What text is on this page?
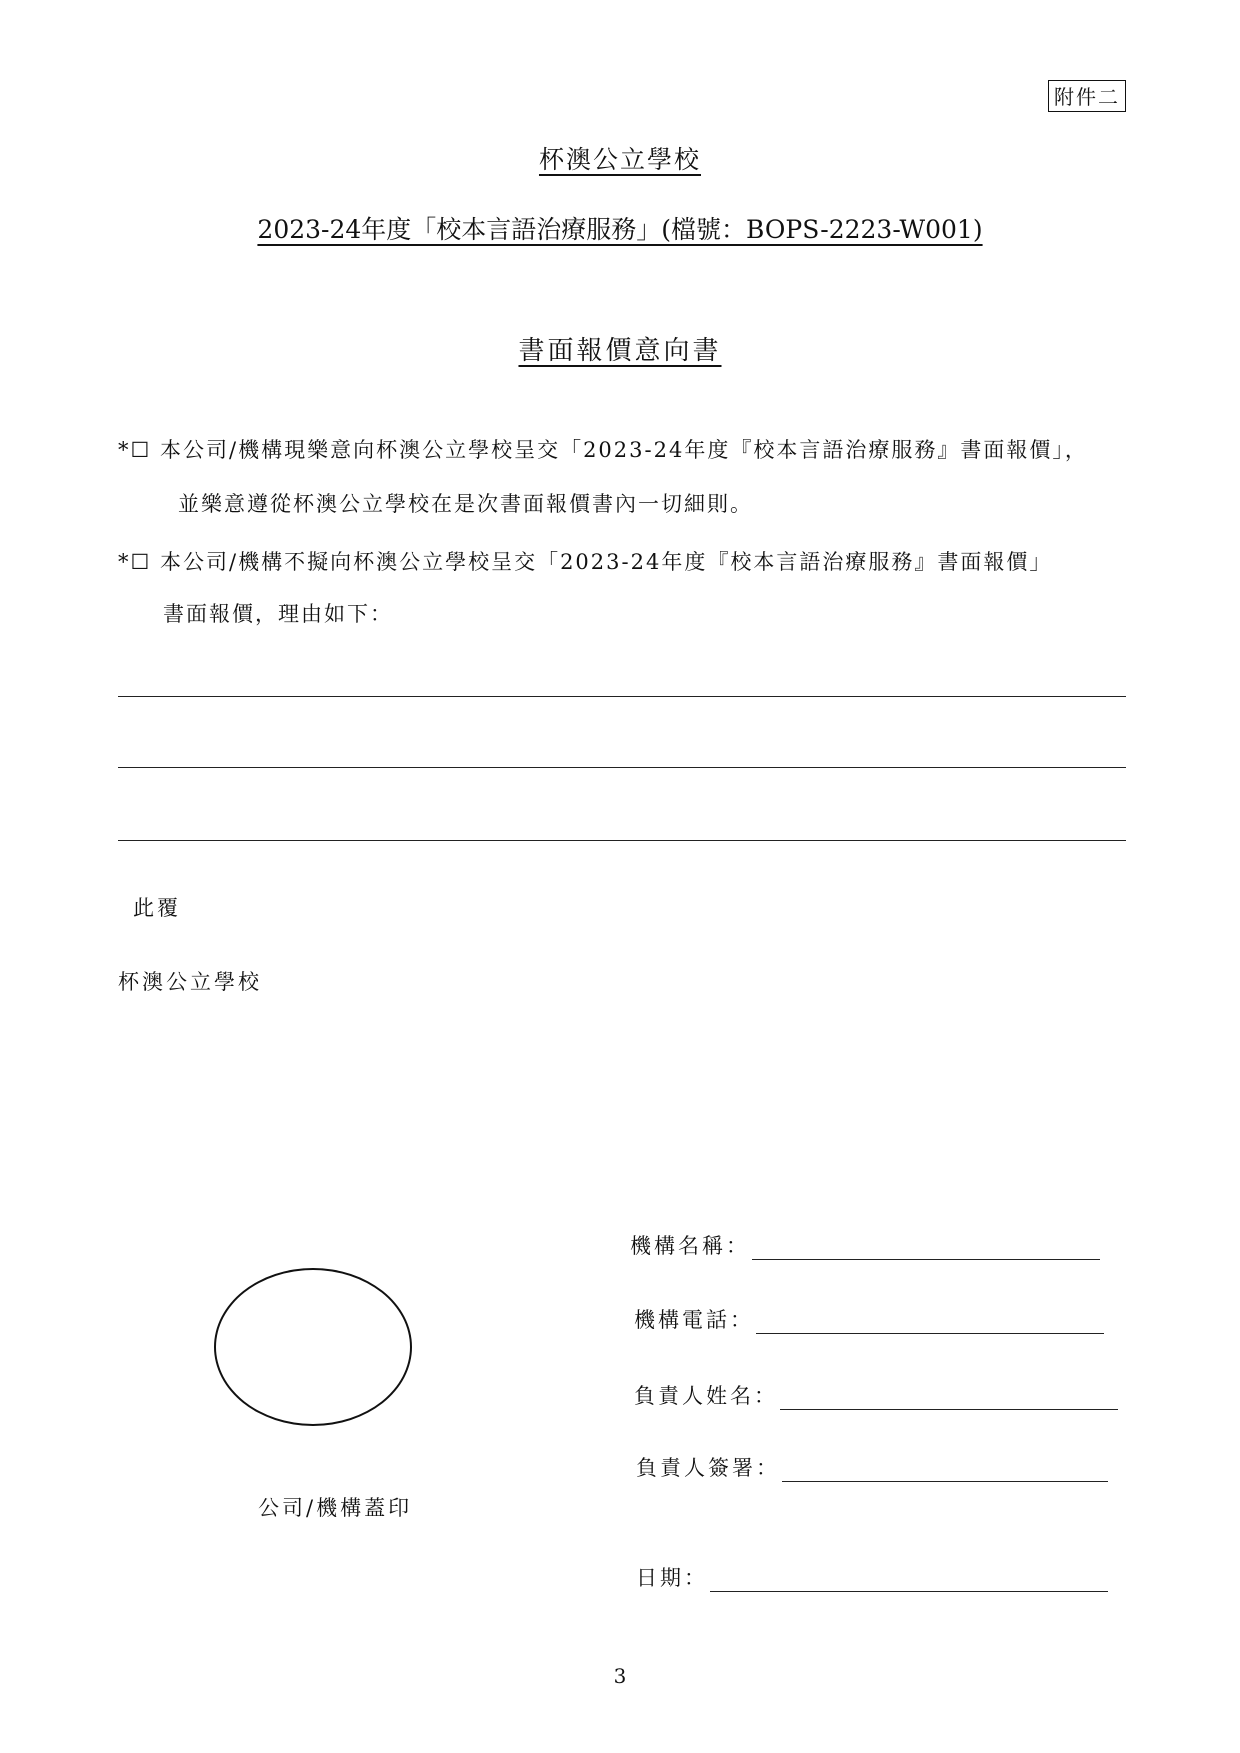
附件二
杯澳公立學校
2023-24年度「校本言語治療服務」(檔號：BOPS-2223-W001)
書面報價意向書
*☐ 本公司/機構現樂意向杯澳公立學校呈交「2023-24年度『校本言語治療服務』書面報價」，
並樂意遵從杯澳公立學校在是次書面報價書內一切細則。
*☐ 本公司/機構不擬向杯澳公立學校呈交「2023-24年度『校本言語治療服務』書面報價」
書面報價，理由如下：
此覆
杯澳公立學校
公司/機構蓋印
機構名稱：
機構電話：
負責人姓名：
負責人簽署：
日期：
3
